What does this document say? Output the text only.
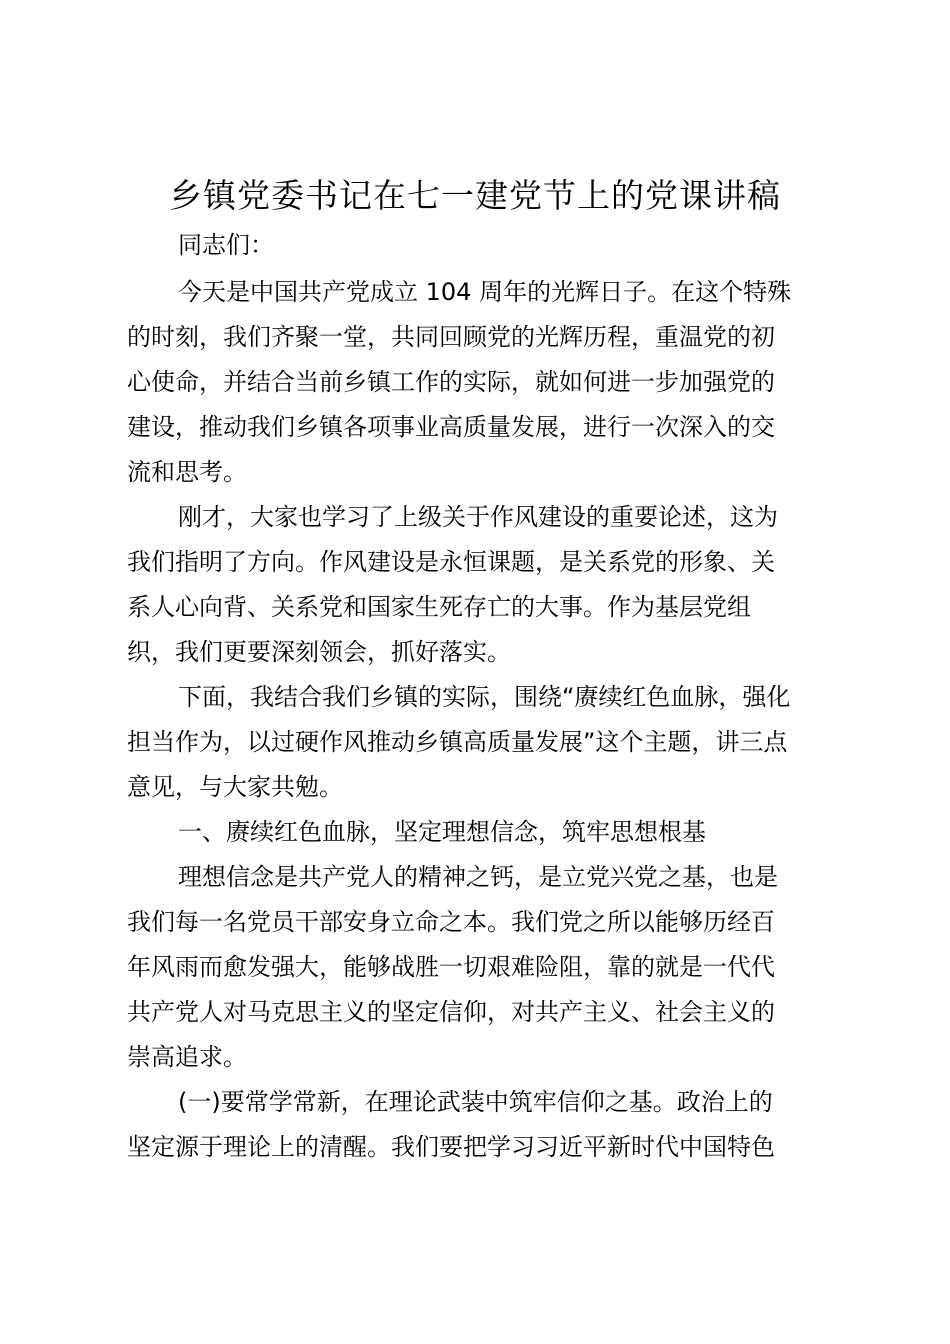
乡镇党委书记在七一建党节上的党课讲稿

同志们：

今天是中国共产党成立 104 周年的光辉日子。在这个特殊

的时刻，我们齐聚一堂，共同回顾党的光辉历程，重温党的初

心使命，并结合当前乡镇工作的实际，就如何进一步加强党的

建设，推动我们乡镇各项事业高质量发展，进行一次深入的交

流和思考。

刚才，大家也学习了上级关于作风建设的重要论述，这为

我们指明了方向。作风建设是永恒课题，是关系党的形象、关

系人心向背、关系党和国家生死存亡的大事。作为基层党组

织，我们更要深刻领会，抓好落实。

下面，我结合我们乡镇的实际，围绕“赓续红色血脉，强化

担当作为，以过硬作风推动乡镇高质量发展”这个主题，讲三点

意见，与大家共勉。

一、赓续红色血脉，坚定理想信念，筑牢思想根基

理想信念是共产党人的精神之钙，是立党兴党之基，也是

我们每一名党员干部安身立命之本。我们党之所以能够历经百

年风雨而愈发强大，能够战胜一切艰难险阻，靠的就是一代代

共产党人对马克思主义的坚定信仰，对共产主义、社会主义的

崇高追求。

(一)要常学常新，在理论武装中筑牢信仰之基。政治上的

坚定源于理论上的清醒。我们要把学习习近平新时代中国特色
